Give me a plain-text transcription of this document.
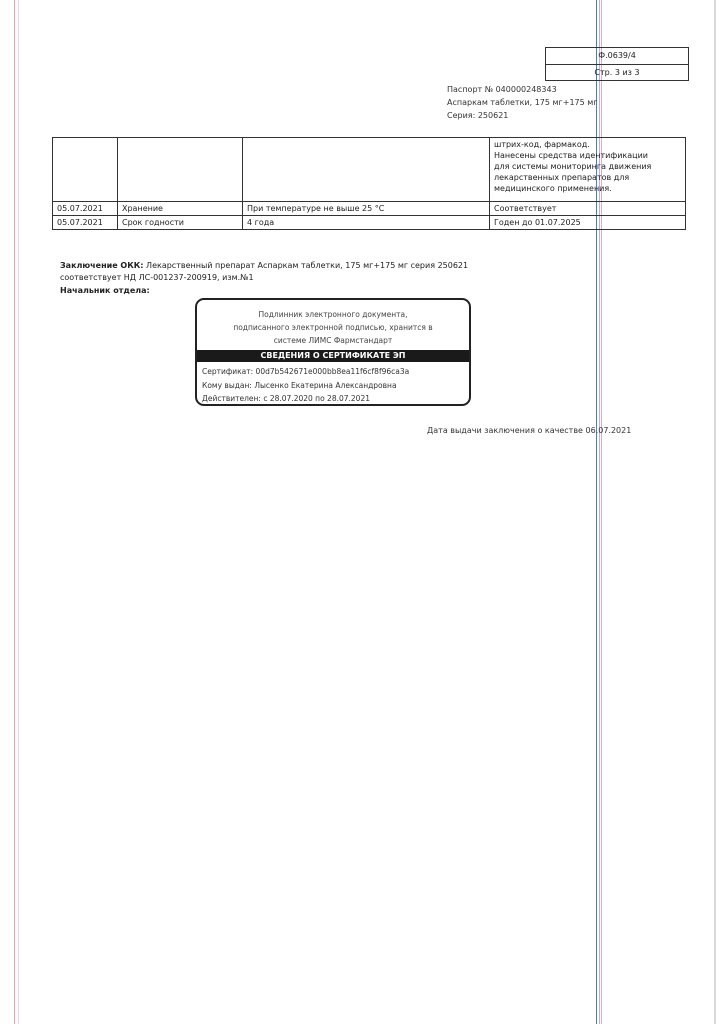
Ф.0639/4
Стр. 3 из 3
Паспорт № 040000248343
Аспаркам таблетки, 175 мг+175 мг
Серия: 250621

			штрих-код, фармакод.
Нанесены средства идентификации
для системы мониторинга движения
лекарственных препаратов для
медицинского применения.

05.07.2021	Хранение	При температуре не выше 25 °С	Соответствует
05.07.2021	Срок годности	4 года	Годен до 01.07.2025
Заключение ОКК: Лекарственный препарат Аспаркам таблетки, 175 мг+175 мг серия 250621 соответствует НД ЛС-001237-200919, изм.№1
Начальник отдела:
Подлинник электронного документа,
подписанного электронной подписью, хранится в
системе ЛИМС Фармстандарт
СВЕДЕНИЯ О СЕРТИФИКАТЕ ЭП
Сертификат: 00d7b542671e000bb8ea11f6cf8f96ca3a
Кому выдан: Лысенко Екатерина Александровна
Действителен: с 28.07.2020 по 28.07.2021
Дата выдачи заключения о качестве 06.07.2021
